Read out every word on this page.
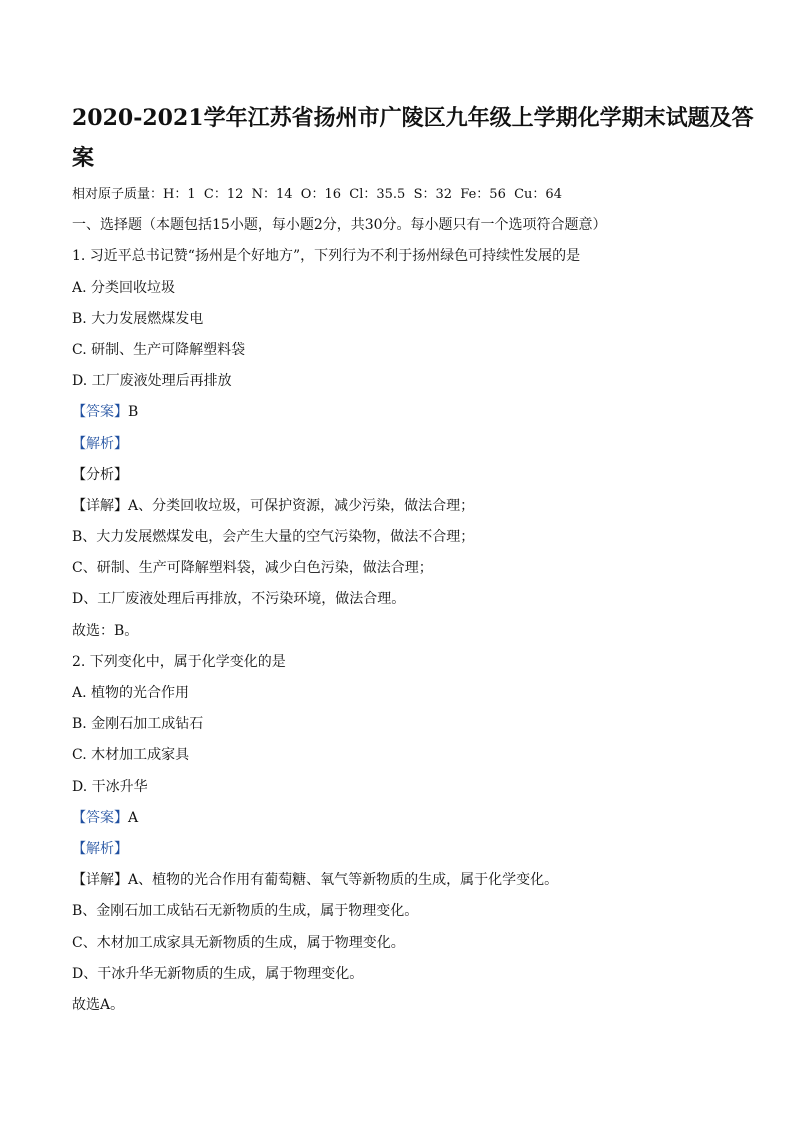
2020-2021学年江苏省扬州市广陵区九年级上学期化学期末试题及答
案
相对原子质量：H：1  C：12  N：14  O：16  Cl：35.5  S：32  Fe：56  Cu：64
一、选择题（本题包括15小题，每小题2分，共30分。每小题只有一个选项符合题意）
1. 习近平总书记赞“扬州是个好地方”，下列行为不利于扬州绿色可持续性发展的是
A. 分类回收垃圾
B. 大力发展燃煤发电
C. 研制、生产可降解塑料袋
D. 工厂废液处理后再排放
【答案】B
【解析】
【分析】
【详解】A、分类回收垃圾，可保护资源，减少污染，做法合理；
B、大力发展燃煤发电，会产生大量的空气污染物，做法不合理；
C、研制、生产可降解塑料袋，减少白色污染，做法合理；
D、工厂废液处理后再排放，不污染环境，做法合理。
故选：B。
2. 下列变化中，属于化学变化的是
A. 植物的光合作用
B. 金刚石加工成钻石
C. 木材加工成家具
D. 干冰升华
【答案】A
【解析】
【详解】A、植物的光合作用有葡萄糖、氧气等新物质的生成，属于化学变化。
B、金刚石加工成钻石无新物质的生成，属于物理变化。
C、木材加工成家具无新物质的生成，属于物理变化。
D、干冰升华无新物质的生成，属于物理变化。
故选A。
